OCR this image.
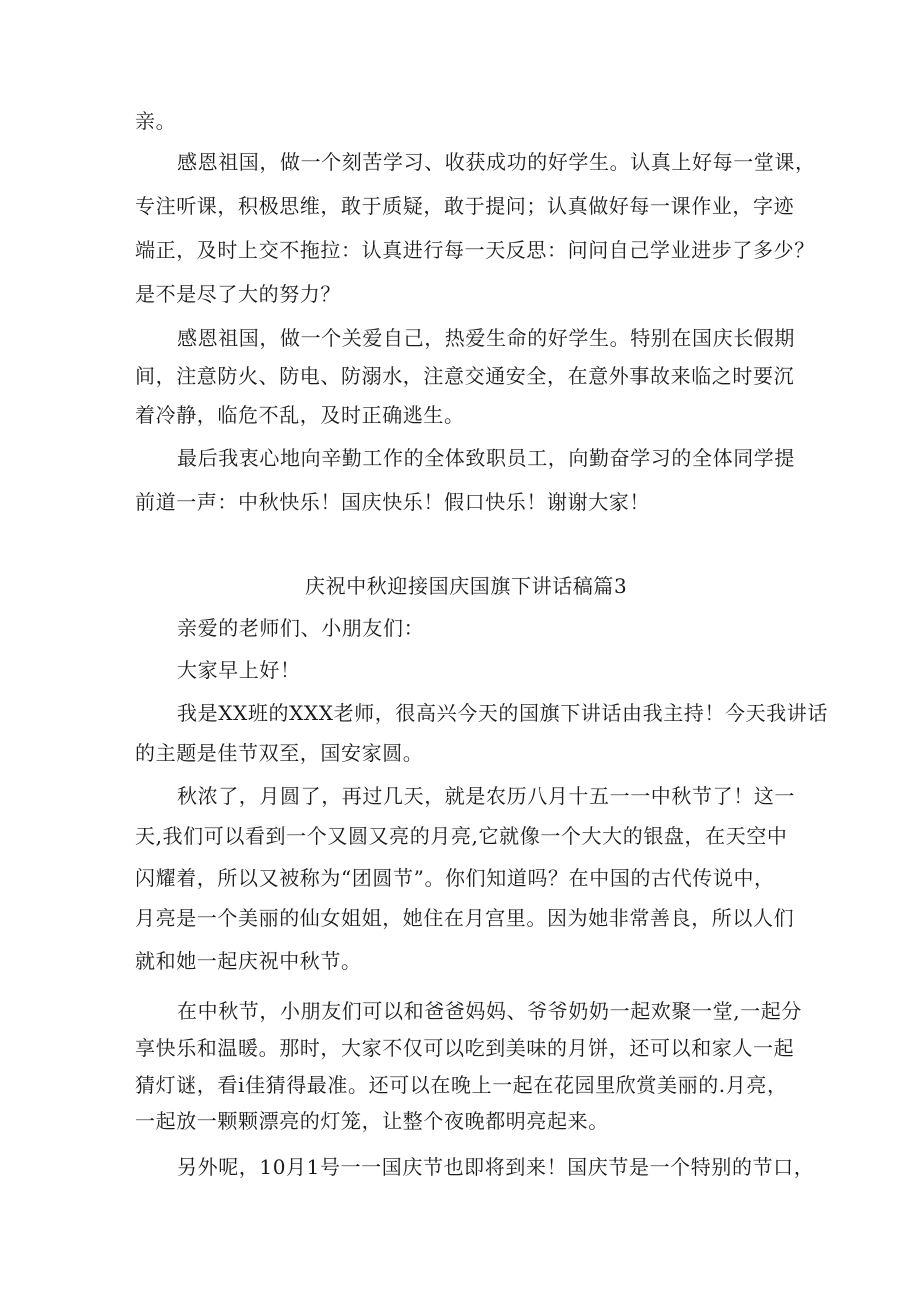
亲。
感恩祖国，做一个刻苦学习、收获成功的好学生。认真上好每一堂课，
专注听课，积极思维，敢于质疑，敢于提问；认真做好每一课作业，字迹
端正，及时上交不拖拉：认真进行每一天反思：问问自己学业进步了多少？
是不是尽了大的努力？
感恩祖国，做一个关爱自己，热爱生命的好学生。特别在国庆长假期
间，注意防火、防电、防溺水，注意交通安全，在意外事故来临之时要沉
着冷静，临危不乱，及时正确逃生。
最后我衷心地向辛勤工作的全体致职员工，向勤奋学习的全体同学提
前道一声：中秋快乐！国庆快乐！假口快乐！谢谢大家！
庆祝中秋迎接国庆国旗下讲话稿篇3
亲爱的老师们、小朋友们：
大家早上好！
我是XX班的XXX老师，很高兴今天的国旗下讲话由我主持！今天我讲话
的主题是佳节双至，国安家圆。
秋浓了，月圆了，再过几天，就是农历八月十五一一中秋节了！这一
天,我们可以看到一个又圆又亮的月亮,它就像一个大大的银盘，在天空中
闪耀着，所以又被称为“团圆节”。你们知道吗？在中国的古代传说中，
月亮是一个美丽的仙女姐姐，她住在月宫里。因为她非常善良，所以人们
就和她一起庆祝中秋节。
在中秋节，小朋友们可以和爸爸妈妈、爷爷奶奶一起欢聚一堂,一起分
享快乐和温暖。那时，大家不仅可以吃到美味的月饼，还可以和家人一起
猜灯谜，看i佳猜得最准。还可以在晚上一起在花园里欣赏美丽的.月亮，
一起放一颗颗漂亮的灯笼，让整个夜晚都明亮起来。
另外呢，10月1号一一国庆节也即将到来！国庆节是一个特别的节口，
